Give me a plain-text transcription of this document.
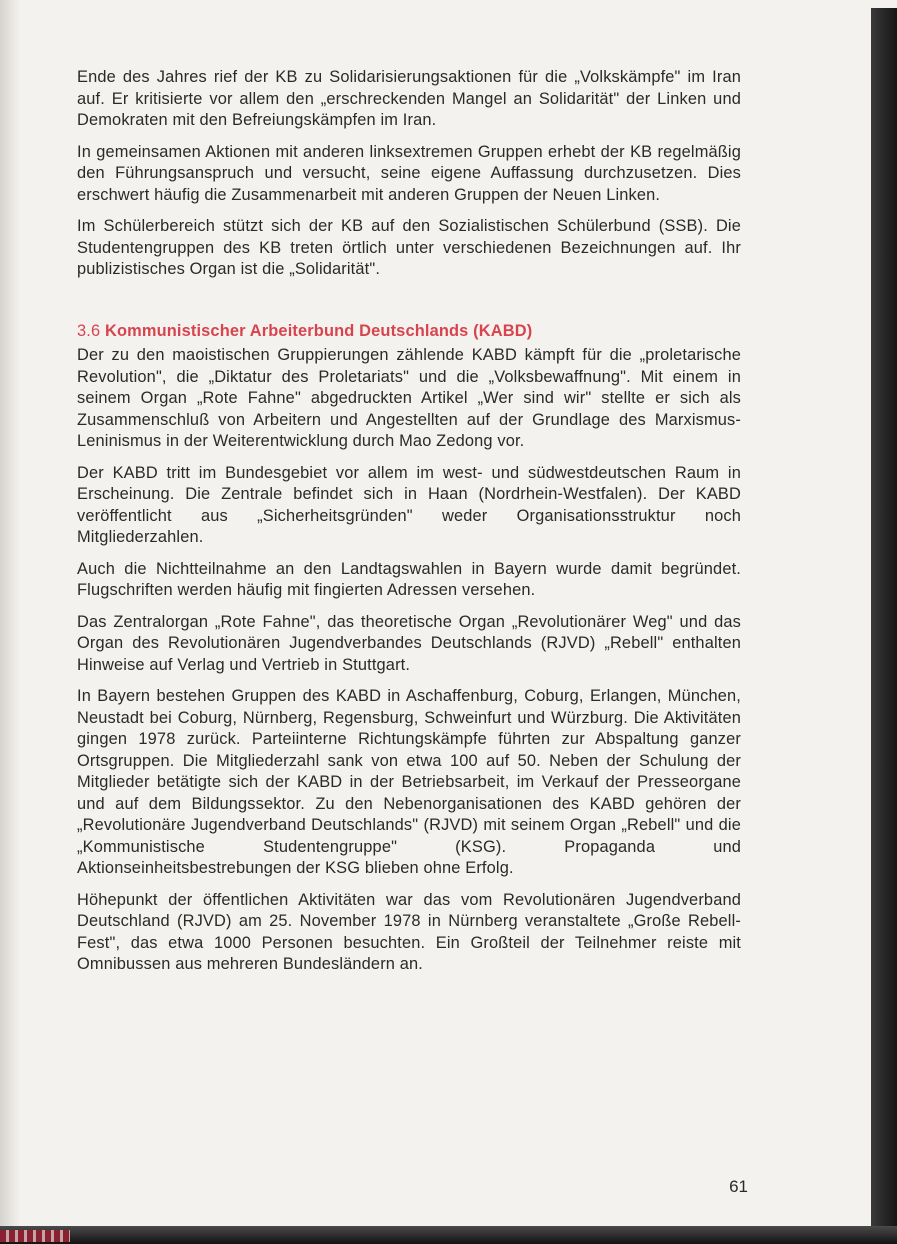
Ende des Jahres rief der KB zu Solidarisierungsaktionen für die „Volkskämpfe" im Iran auf. Er kritisierte vor allem den „erschreckenden Mangel an Solidarität" der Linken und Demokraten mit den Befreiungskämpfen im Iran.

In gemeinsamen Aktionen mit anderen linksextremen Gruppen erhebt der KB regelmäßig den Führungsanspruch und versucht, seine eigene Auffassung durchzusetzen. Dies erschwert häufig die Zusammenarbeit mit anderen Gruppen der Neuen Linken.

Im Schülerbereich stützt sich der KB auf den Sozialistischen Schülerbund (SSB). Die Studentengruppen des KB treten örtlich unter verschiedenen Bezeichnungen auf. Ihr publizistisches Organ ist die „Solidarität".

3.6 Kommunistischer Arbeiterbund Deutschlands (KABD)

Der zu den maoistischen Gruppierungen zählende KABD kämpft für die „proletarische Revolution", die „Diktatur des Proletariats" und die „Volksbewaffnung". Mit einem in seinem Organ „Rote Fahne" abgedruckten Artikel „Wer sind wir" stellte er sich als Zusammenschluß von Arbeitern und Angestellten auf der Grundlage des Marxismus-Leninismus in der Weiterentwicklung durch Mao Zedong vor.

Der KABD tritt im Bundesgebiet vor allem im west- und südwestdeutschen Raum in Erscheinung. Die Zentrale befindet sich in Haan (Nordrhein-Westfalen). Der KABD veröffentlicht aus „Sicherheitsgründen" weder Organisationsstruktur noch Mitgliederzahlen.

Auch die Nichtteilnahme an den Landtagswahlen in Bayern wurde damit begründet. Flugschriften werden häufig mit fingierten Adressen versehen.

Das Zentralorgan „Rote Fahne", das theoretische Organ „Revolutionärer Weg" und das Organ des Revolutionären Jugendverbandes Deutschlands (RJVD) „Rebell" enthalten Hinweise auf Verlag und Vertrieb in Stuttgart.

In Bayern bestehen Gruppen des KABD in Aschaffenburg, Coburg, Erlangen, München, Neustadt bei Coburg, Nürnberg, Regensburg, Schweinfurt und Würzburg. Die Aktivitäten gingen 1978 zurück. Parteiinterne Richtungskämpfe führten zur Abspaltung ganzer Ortsgruppen. Die Mitgliederzahl sank von etwa 100 auf 50. Neben der Schulung der Mitglieder betätigte sich der KABD in der Betriebsarbeit, im Verkauf der Presseorgane und auf dem Bildungssektor. Zu den Nebenorganisationen des KABD gehören der „Revolutionäre Jugendverband Deutschlands" (RJVD) mit seinem Organ „Rebell" und die „Kommunistische Studentengruppe" (KSG). Propaganda und Aktionseinheitsbestrebungen der KSG blieben ohne Erfolg.

Höhepunkt der öffentlichen Aktivitäten war das vom Revolutionären Jugendverband Deutschland (RJVD) am 25. November 1978 in Nürnberg veranstaltete „Große Rebell-Fest", das etwa 1000 Personen besuchten. Ein Großteil der Teilnehmer reiste mit Omnibussen aus mehreren Bundesländern an.

61
